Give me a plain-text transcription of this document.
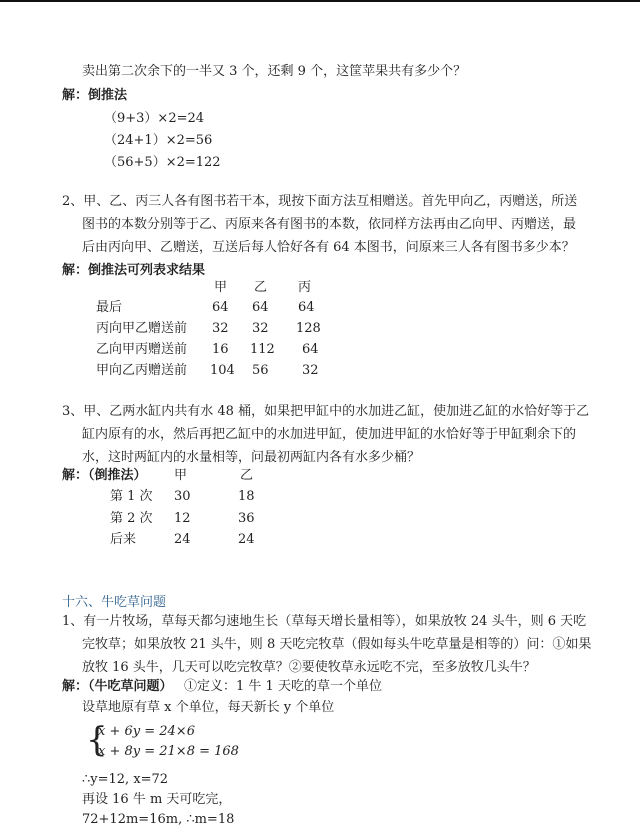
卖出第二次余下的一半又 3 个，还剩 9 个，这筐苹果共有多少个？
解：倒推法
（9+3）×2=24
（24+1）×2=56
（56+5）×2=122
2、甲、乙、丙三人各有图书若干本，现按下面方法互相赠送。首先甲向乙，丙赠送，所送
图书的本数分别等于乙、丙原来各有图书的本数，依同样方法再由乙向甲、丙赠送，最
后由丙向甲、乙赠送，互送后每人恰好各有 64 本图书，问原来三人各有图书多少本？
解：倒推法可列表求结果
甲 乙 丙
最后	64 64 64
丙向甲乙赠送前 32 32 128
乙向甲丙赠送前 16 112 64
甲向乙丙赠送前 104 56	32
3、甲、乙两水缸内共有水 48 桶，如果把甲缸中的水加进乙缸，使加进乙缸的水恰好等于乙
缸内原有的水，然后再把乙缸中的水加进甲缸，使加进甲缸的水恰好等于甲缸剩余下的
水，这时两缸内的水量相等，问最初两缸内各有水多少桶？
解：（倒推法） 甲	乙
第 1 次 30	18
第 2 次 12	36
后来	24	24
十六、牛吃草问题
1、有一片牧场，草每天都匀速地生长（草每天增长量相等），如果放牧 24 头牛，则 6 天吃
完牧草；如果放牧 21 头牛，则 8 天吃完牧草（假如每头牛吃草量是相等的）问：①如果
放牧 16 头牛，几天可以吃完牧草？②要使牧草永远吃不完，至多放牧几头牛？
解：（牛吃草问题） ①定义：1 牛 1 天吃的草一个单位
设草地原有草 x 个单位，每天新长 y 个单位
{
x + 6y = 24×6
x + 8y = 21×8 = 168
∴y=12, x=72
再设 16 牛 m 天可吃完，
72+12m=16m, ∴m=18
